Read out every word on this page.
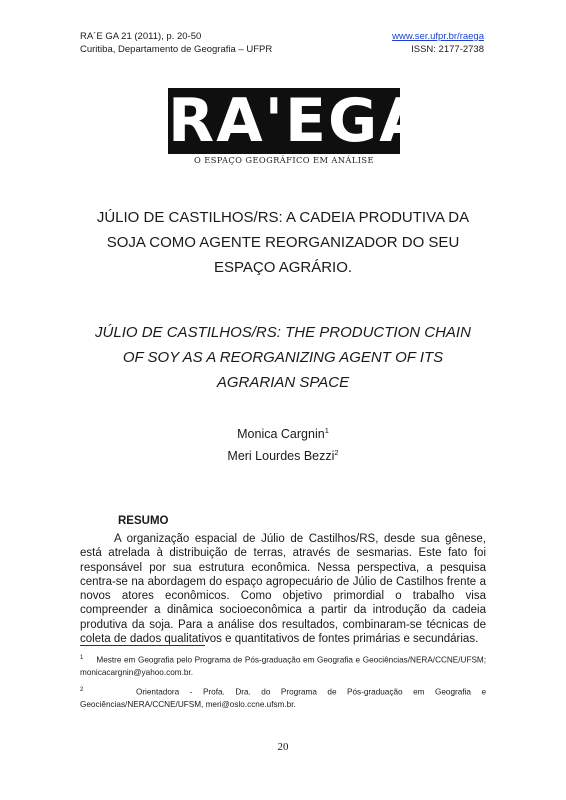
RA´E GA 21 (2011), p. 20-50
Curitiba, Departamento de Geografia – UFPR
www.ser.ufpr.br/raega
ISSN: 2177-2738
RA'EGA
O ESPAÇO GEOGRÁFICO EM ANÁLISE
JÚLIO DE CASTILHOS/RS: A CADEIA PRODUTIVA DA
SOJA COMO AGENTE REORGANIZADOR DO SEU
ESPAÇO AGRÁRIO.
JÚLIO DE CASTILHOS/RS: THE PRODUCTION CHAIN
OF SOY AS A REORGANIZING AGENT OF ITS
AGRARIAN SPACE
Monica Cargnin$^1$
Meri Lourdes Bezzi$^2$
RESUMO

A organização espacial de Júlio de Castilhos/RS, desde sua gênese, está atrelada à distribuição de terras, através de sesmarias. Este fato foi responsável por sua estrutura econômica. Nessa perspectiva, a pesquisa centra-se na abordagem do espaço agropecuário de Júlio de Castilhos frente a novos atores econômicos. Como objetivo primordial o trabalho visa compreender a dinâmica socioeconômica a partir da introdução da cadeia produtiva da soja. Para a análise dos resultados, combinaram-se técnicas de coleta de dados qualitativos e quantitativos de fontes primárias e secundárias.

$^1$ Mestre em Geografia pelo Programa de Pós-graduação em Geografia e Geociências/NERA/CCNE/UFSM; monicacargnin@yahoo.com.br.

$^2$	Orientadora - Profa. Dra. do Programa de Pós-graduação em Geografia e Geociências/NERA/CCNE/UFSM, meri@oslo.ccne.ufsm.br.

20
